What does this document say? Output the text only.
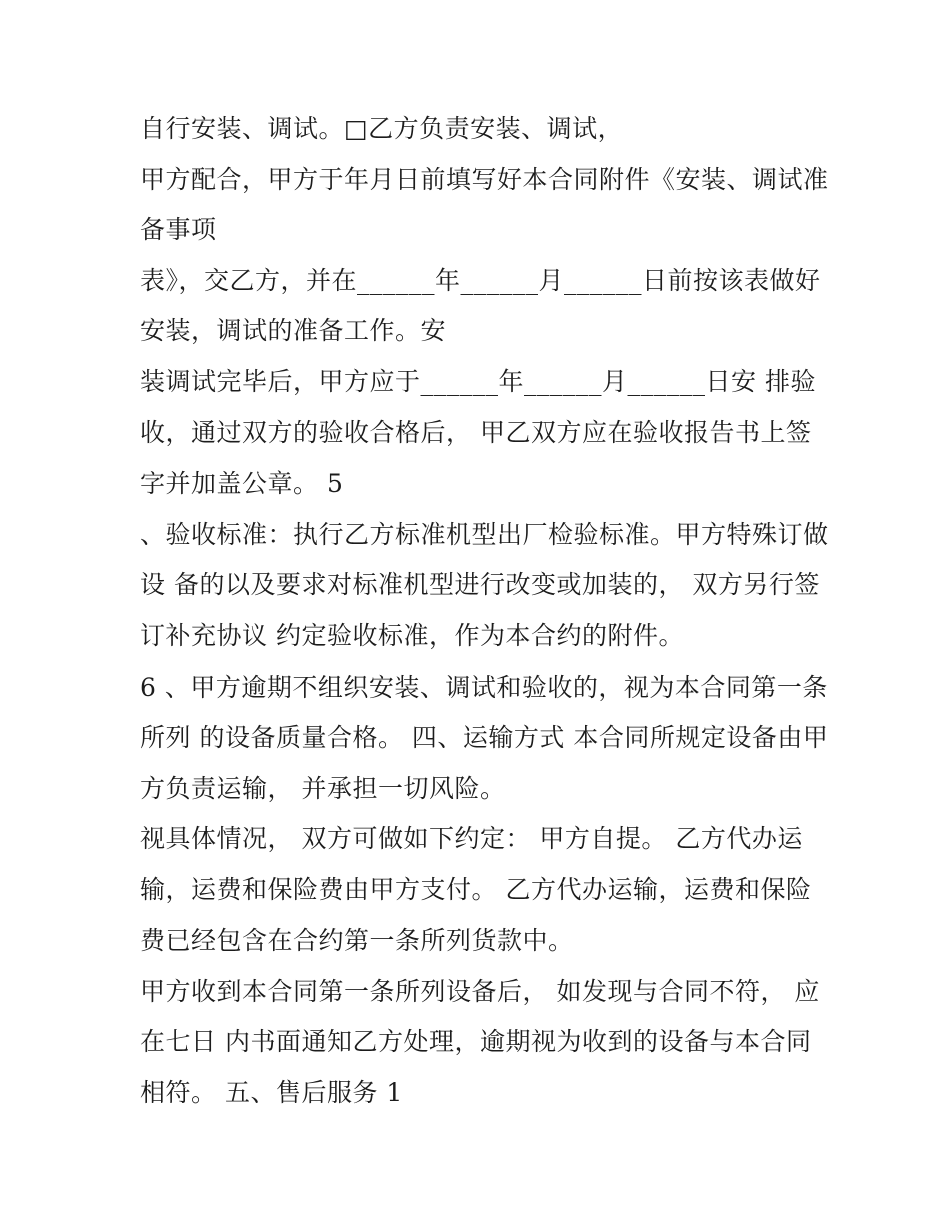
自行安装、调试。□乙方负责安装、调试，

甲方配合，甲方于年月日前填写好本合同附件《安装、调试准

备事项

表》，交乙方，并在______年______月______日前按该表做好

安装，调试的准备工作。安

装调试完毕后，甲方应于______年______月______日安 排验

收，通过双方的验收合格后， 甲乙双方应在验收报告书上签

字并加盖公章。 5

、验收标准：执行乙方标准机型出厂检验标准。甲方特殊订做

设 备的以及要求对标准机型进行改变或加装的， 双方另行签

订补充协议 约定验收标准，作为本合约的附件。

6 、甲方逾期不组织安装、调试和验收的，视为本合同第一条

所列 的设备质量合格。 四、运输方式 本合同所规定设备由甲

方负责运输， 并承担一切风险。

视具体情况， 双方可做如下约定： 甲方自提。 乙方代办运

输，运费和保险费由甲方支付。 乙方代办运输，运费和保险

费已经包含在合约第一条所列货款中。

甲方收到本合同第一条所列设备后， 如发现与合同不符， 应

在七日 内书面通知乙方处理，逾期视为收到的设备与本合同

相符。 五、售后服务 1
